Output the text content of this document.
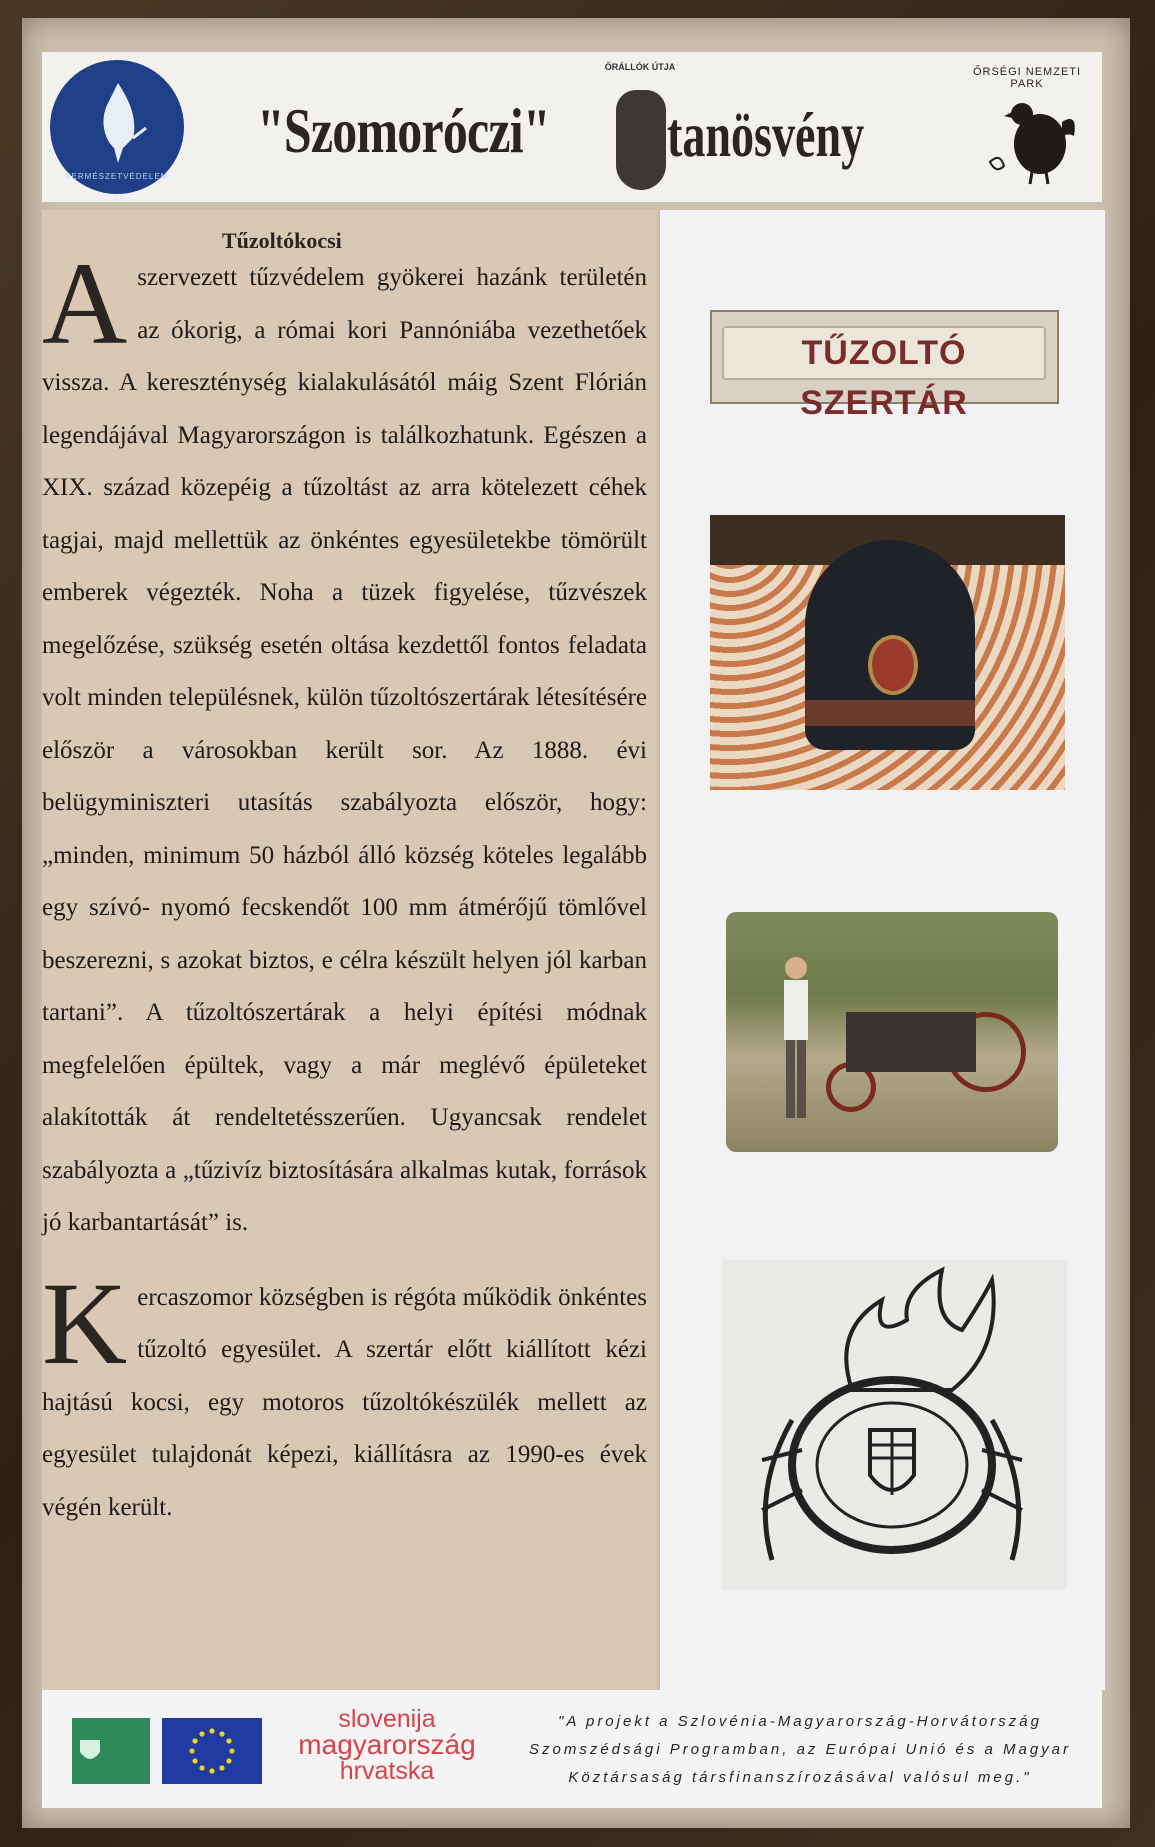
TERMÉSZETVÉDELEM
"Szomoróczi"
ŐRÁLLÓK ÚTJA
tanösvény
ŐRSÉGI NEMZETI PARK
Tűzoltókocsi
A szervezett tűzvédelem gyökerei hazánk területén az ókorig, a római kori Pannóniába vezethetőek vissza. A kereszténység kialakulásától máig Szent Flórián legendájával Magyarországon is találkozhatunk. Egészen a XIX. század közepéig a tűzoltást az arra kötelezett céhek tagjai, majd mellettük az önkéntes egyesületekbe tömörült emberek végezték. Noha a tüzek figyelése, tűzvészek megelőzése, szükség esetén oltása kezdettől fontos feladata volt minden településnek, külön tűzoltószertárak létesítésére először a városokban került sor. Az 1888. évi belügyminiszteri utasítás szabályozta először, hogy: „minden, minimum 50 házból álló község köteles legalább egy szívó- nyomó fecskendőt 100 mm átmérőjű tömlővel beszerezni, s azokat biztos, e célra készült helyen jól karban tartani”. A tűzoltószertárak a helyi építési módnak megfelelően épültek, vagy a már meglévő épületeket alakították át rendeltetésszerűen. Ugyancsak rendelet szabályozta a „tűzivíz biztosítására alkalmas kutak, források jó karbantartását” is.
K ercaszomor községben is régóta működik önkéntes tűzoltó egyesület. A szertár előtt kiállított kézi hajtású kocsi, egy motoros tűzoltókészülék mellett az egyesület tulajdonát képezi, kiállításra az 1990-es évek végén került.
TŰZOLTÓ SZERTÁR
slovenija
magyarország
hrvatska
"A projekt a Szlovénia-Magyarország-Horvátország Szomszédsági Programban, az Európai Unió és a Magyar Köztársaság társfinanszírozásával valósul meg."
